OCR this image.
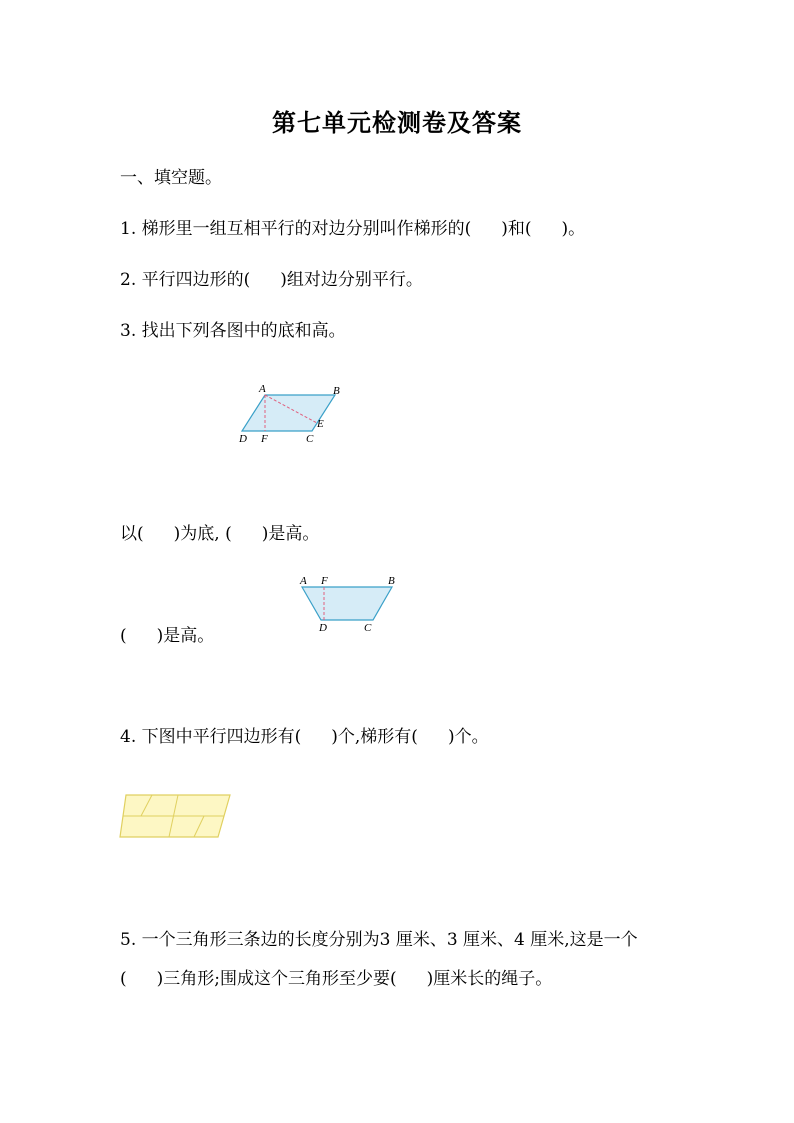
第七单元检测卷及答案
一、填空题。
1. 梯形里一组互相平行的对边分别叫作梯形的( )和( )。
2. 平行四边形的( )组对边分别平行。
3. 找出下列各图中的底和高。
A	B
E
D F	C
以( )为底, ( )是高。
A F	B
D	C
( )是高。
4. 下图中平行四边形有( )个,梯形有( )个。
5. 一个三角形三条边的长度分别为3 厘米、3 厘米、4 厘米,这是一个
( )三角形;围成这个三角形至少要( )厘米长的绳子。
